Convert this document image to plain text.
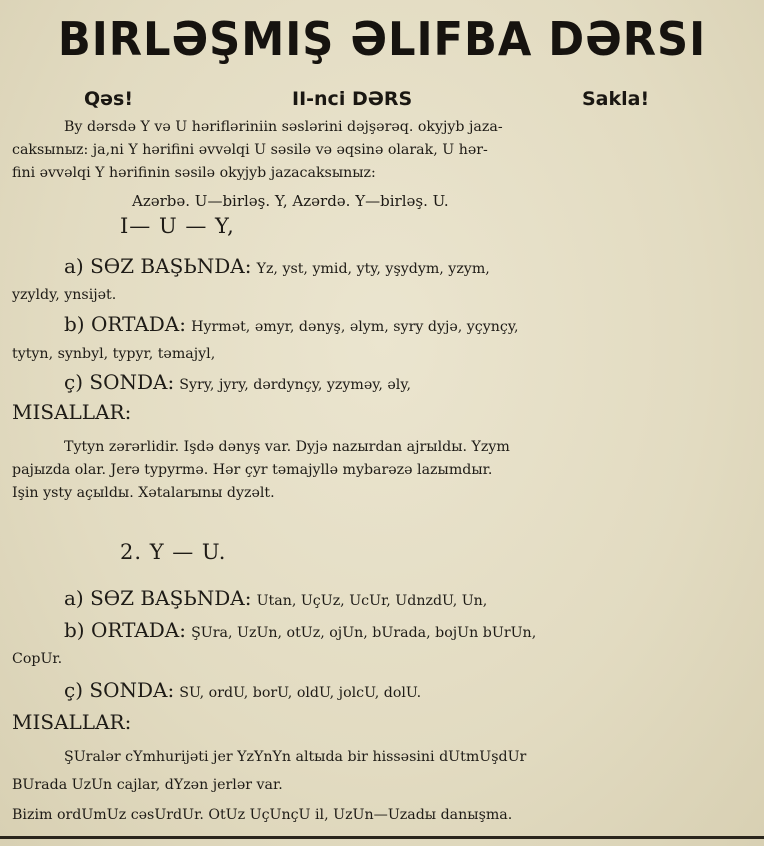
BIRLƏŞMIŞ ƏLIFBA DƏRSI
Qəs!	II-nci DƏRS	Sakla!
By dərsdə Y və U hərifləriniin səslərini dəjşərəq. okyjyb jaza-
caksыnыz: ja,ni Y hərifini əvvəlqi U səsilə və əqsinə olarak, U hər-
fini əvvəlqi Y hərifinin səsilə okyjyb jazacaksыnыz:
Azərbə. U—birləş. Y, Azərdə. Y—birləş. U.
I— U — Y,
a) SӨZ BAŞЬNDA: Yz, yst, ymid, yty, yşydym, yzym,
yzyldy, ynsijət.
b) ORTADA: Hyrmət, əmyr, dənyş, əlym, syry dyjə, yçynçy,
tytyn, synbyl, typyr, təmajyl,
ç) SONDA: Syry, jyry, dərdynçy, yzyməy, əly,
MISALLAR:
Tytyn zərərlidir. Işdə dənyş var. Dyjə nazыrdan ajrыldы. Yzym
pajыzda olar. Jerə typyrmə. Hər çyr təmajyllə mybarəzə lazыmdыr.
Işin ysty açыldы. Xətalarыnы dyzəlt.
2. Y — U.
a) SӨZ BAŞЬNDA: Utan, UçUz, UcUr, UdnzdU, Un,
b) ORTADA: ŞUra, UzUn, otUz, ojUn, bUrada, bojUn bUrUn,
CopUr.
ç) SONDA: SU, ordU, borU, oldU, jolcU, dolU.
MISALLAR:
ŞUralər cYmhurijəti jer YzYnYn altыda bir hissəsini dUtmUşdUr
BUrada UzUn cajlar, dYzən jerlər var.
Bizim ordUmUz cəsUrdUr. OtUz UçUnçU il, UzUn—Uzadы danыşma.
